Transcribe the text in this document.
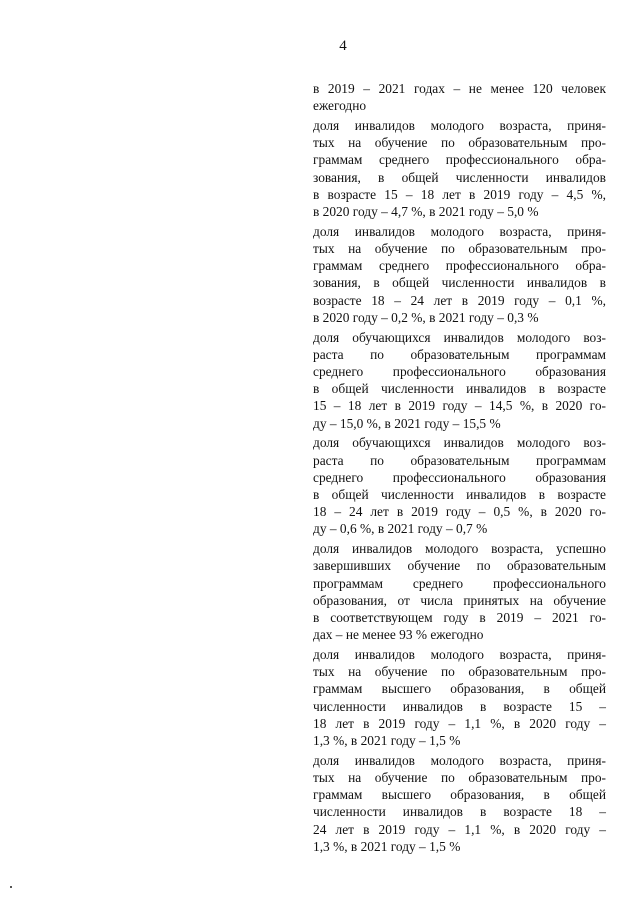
4
в 2019 – 2021 годах – не менее 120 человек
ежегодно
доля инвалидов молодого возраста, приня-
тых на обучение по образовательным про-
граммам среднего профессионального обра-
зования, в общей численности инвалидов
в возрасте 15 – 18 лет в 2019 году – 4,5 %,
в 2020 году – 4,7 %, в 2021 году – 5,0 %
доля инвалидов молодого возраста, приня-
тых на обучение по образовательным про-
граммам среднего профессионального обра-
зования, в общей численности инвалидов в
возрасте 18 – 24 лет в 2019 году – 0,1 %,
в 2020 году – 0,2 %, в 2021 году – 0,3 %
доля обучающихся инвалидов молодого воз-
раста по образовательным программам
среднего профессионального образования
в общей численности инвалидов в возрасте
15 – 18 лет в 2019 году – 14,5 %, в 2020 го-
ду – 15,0 %, в 2021 году – 15,5 %
доля обучающихся инвалидов молодого воз-
раста по образовательным программам
среднего профессионального образования
в общей численности инвалидов в возрасте
18 – 24 лет в 2019 году – 0,5 %, в 2020 го-
ду – 0,6 %, в 2021 году – 0,7 %
доля инвалидов молодого возраста, успешно
завершивших обучение по образовательным
программам среднего профессионального
образования, от числа принятых на обучение
в соответствующем году в 2019 – 2021 го-
дах – не менее 93 % ежегодно
доля инвалидов молодого возраста, приня-
тых на обучение по образовательным про-
граммам высшего образования, в общей
численности инвалидов в возрасте 15 –
18 лет в 2019 году – 1,1 %, в 2020 году –
1,3 %, в 2021 году – 1,5 %
доля инвалидов молодого возраста, приня-
тых на обучение по образовательным про-
граммам высшего образования, в общей
численности инвалидов в возрасте 18 –
24 лет в 2019 году – 1,1 %, в 2020 году –
1,3 %, в 2021 году – 1,5 %
